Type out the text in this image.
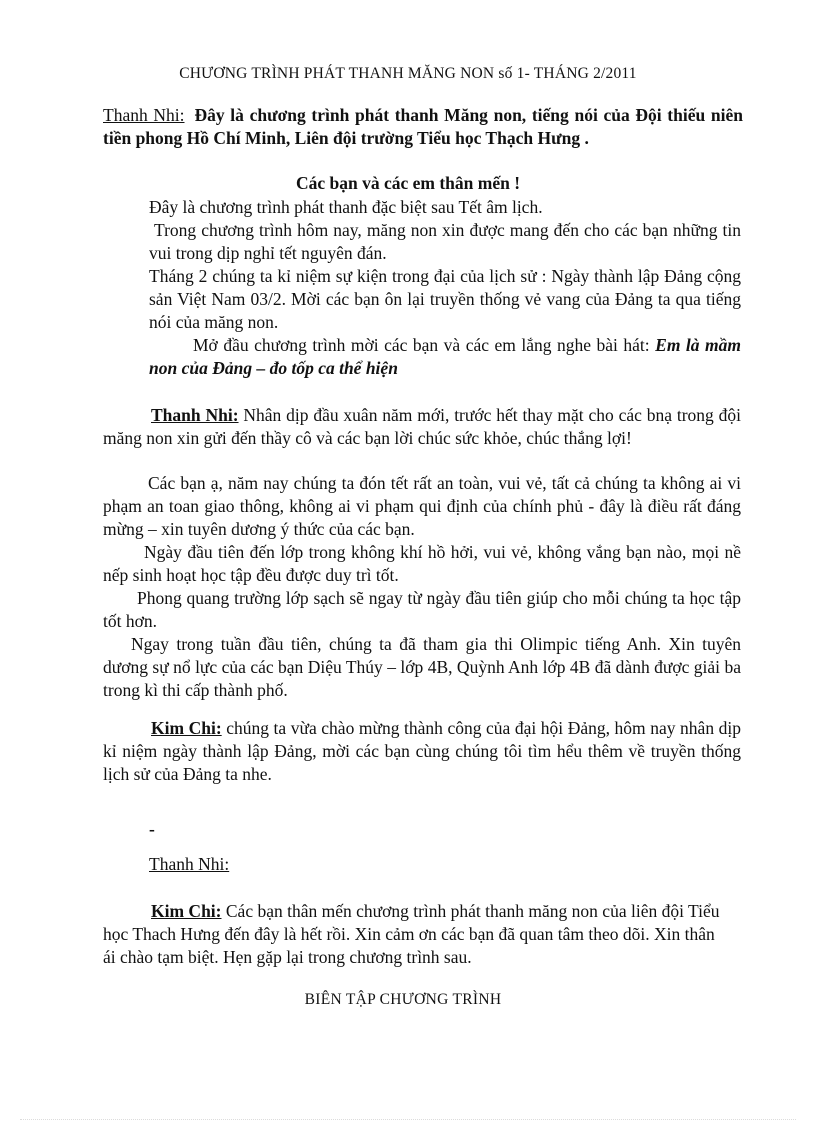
CHƯƠNG TRÌNH PHÁT THANH MĂNG NON số 1- THÁNG 2/2011

Thanh Nhi: Đây là chương trình phát thanh Măng non, tiếng nói của Đội thiếu niên tiền phong Hồ Chí Minh, Liên đội trường Tiểu học Thạch Hưng .

Các bạn và các em thân mến !

Đây là chương trình phát thanh đặc biệt sau Tết âm lịch.

Trong chương trình hôm nay, măng non xin được mang đến cho các bạn những tin vui trong dịp nghỉ tết nguyên đán.

Tháng 2 chúng ta kỉ niệm sự kiện trong đại của lịch sử : Ngày thành lập Đảng cộng sản Việt Nam 03/2. Mời các bạn ôn lại truyền thống vẻ vang của Đảng ta qua tiếng nói của măng non.

Mở đầu chương trình mời các bạn và các em lắng nghe bài hát: Em là mầm non của Đảng – đo tốp ca thể hiện

Thanh Nhi: Nhân dịp đầu xuân năm mới, trước hết thay mặt cho các bnạ trong đội măng non xin gửi đến thầy cô và các bạn lời chúc sức khỏe, chúc thắng lợi!

Các bạn ạ, năm nay chúng ta đón tết rất an toàn, vui vẻ, tất cả chúng ta không ai vi phạm an toan giao thông, không ai vi phạm qui định của chính phủ - đây là điều rất đáng mừng – xin tuyên dương ý thức của các bạn.

Ngày đầu tiên đến lớp trong không khí hồ hởi, vui vẻ, không vắng bạn nào, mọi nề nếp sinh hoạt học tập đều được duy trì tốt.

Phong quang trường lớp sạch sẽ ngay từ ngày đầu tiên giúp cho mỗi chúng ta học tập tốt hơn.

Ngay trong tuần đầu tiên, chúng ta đã tham gia thi Olimpic tiếng Anh. Xin tuyên dương sự nổ lực của các bạn Diệu Thúy – lớp 4B, Quỳnh Anh lớp 4B đã dành được giải ba trong kì thi cấp thành phố.

Kim Chi: chúng ta vừa chào mừng thành công của đại hội Đảng, hôm nay nhân dịp kỉ niệm ngày thành lập Đảng, mời các bạn cùng chúng tôi tìm hểu thêm về truyền thống lịch sử của Đảng ta nhe.

-

Thanh Nhi:

Kim Chi: Các bạn thân mến chương trình phát thanh măng non của liên đội Tiểu học Thach Hưng đến đây là hết rồi. Xin cảm ơn các bạn đã quan tâm theo dõi. Xin thân ái chào tạm biệt. Hẹn gặp lại trong chương trình sau.

BIÊN TẬP CHƯƠNG TRÌNH
